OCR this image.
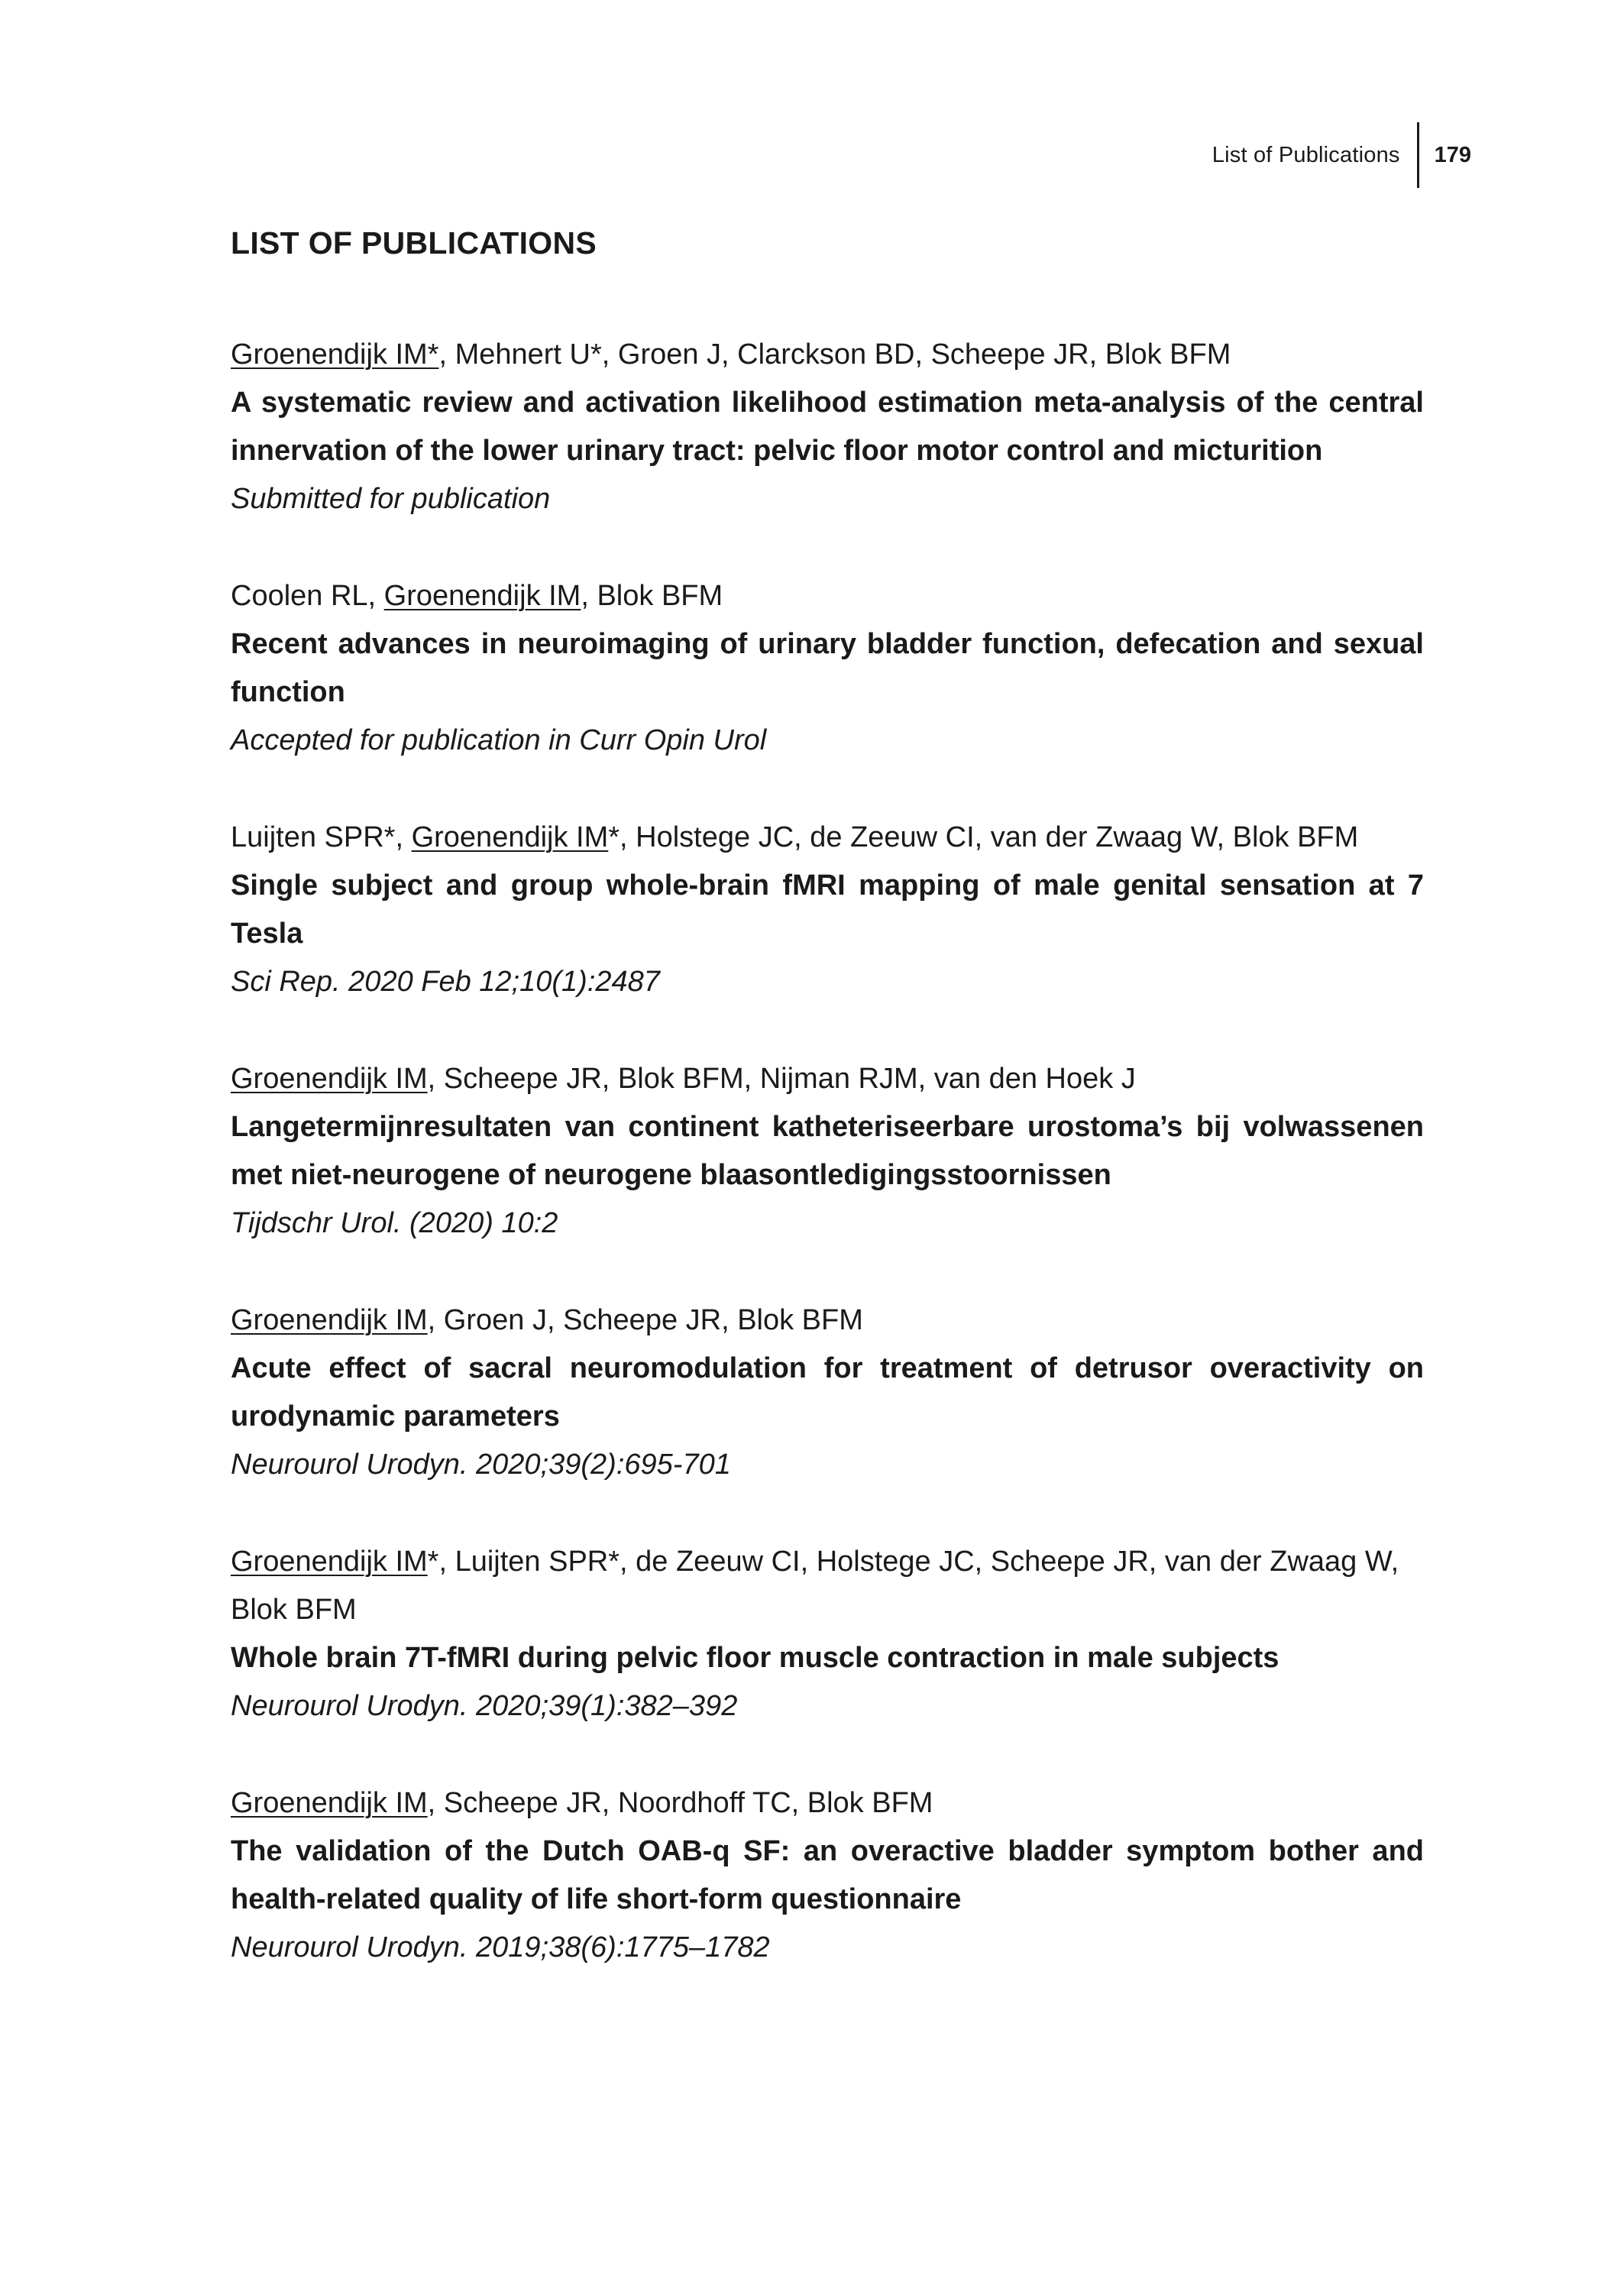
List of Publications	179
LIST OF PUBLICATIONS
Groenendijk IM*, Mehnert U*, Groen J, Clarckson BD, Scheepe JR, Blok BFM
A systematic review and activation likelihood estimation meta-analysis of the central innervation of the lower urinary tract: pelvic floor motor control and micturition
Submitted for publication
Coolen RL, Groenendijk IM, Blok BFM
Recent advances in neuroimaging of urinary bladder function, defecation and sexual function
Accepted for publication in Curr Opin Urol
Luijten SPR*, Groenendijk IM*, Holstege JC, de Zeeuw CI, van der Zwaag W, Blok BFM
Single subject and group whole-brain fMRI mapping of male genital sensation at 7 Tesla
Sci Rep. 2020 Feb 12;10(1):2487
Groenendijk IM, Scheepe JR, Blok BFM, Nijman RJM, van den Hoek J
Langetermijnresultaten van continent katheteriseerbare urostoma’s bij volwassenen met niet-neurogene of neurogene blaasontledigingsstoornissen
Tijdschr Urol. (2020) 10:2
Groenendijk IM, Groen J, Scheepe JR, Blok BFM
Acute effect of sacral neuromodulation for treatment of detrusor overactivity on urodynamic parameters
Neurourol Urodyn. 2020;39(2):695-701
Groenendijk IM*, Luijten SPR*, de Zeeuw CI, Holstege JC, Scheepe JR, van der Zwaag W, Blok BFM
Whole brain 7T-fMRI during pelvic floor muscle contraction in male subjects
Neurourol Urodyn. 2020;39(1):382–392
Groenendijk IM, Scheepe JR, Noordhoff TC, Blok BFM
The validation of the Dutch OAB-q SF: an overactive bladder symptom bother and health-related quality of life short-form questionnaire
Neurourol Urodyn. 2019;38(6):1775–1782
